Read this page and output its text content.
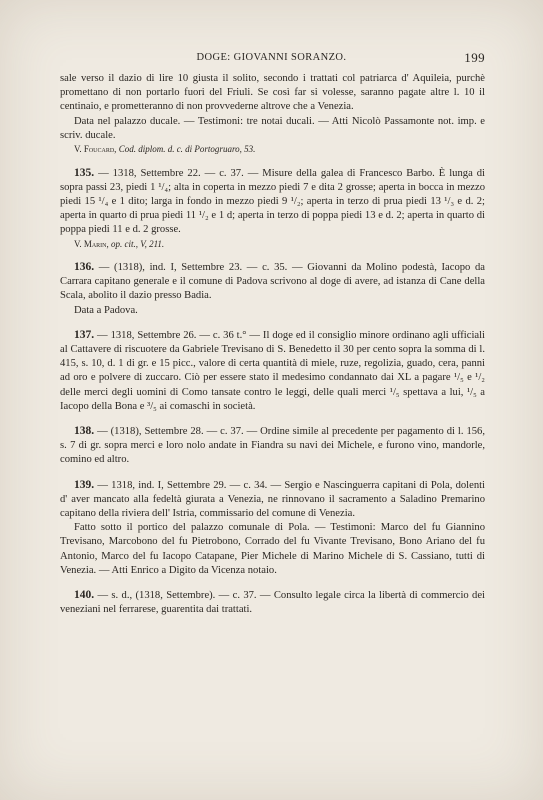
DOGE: GIOVANNI SORANZO.	199

sale verso il dazio di lire 10 giusta il solito, secondo i trattati col patriarca d' Aquileia, purchè promettano di non portarlo fuori del Friuli. Se così far si volesse, saranno pagate altre l. 10 il centinaio, e prometteranno di non provvederne altrove che a Venezia.

Data nel palazzo ducale. — Testimoni: tre notai ducali. — Atti Nicolò Passamonte not. imp. e scriv. ducale.

V. Foucard, Cod. diplom. d. c. di Portogruaro, 53.

135. — 1318, Settembre 22. — c. 37. — Misure della galea di Francesco Barbo. È lunga di sopra passi 23, piedi 1 ¹/₄; alta in coperta in mezzo piedi 7 e dita 2 grosse; aperta in bocca in mezzo piedi 15 ¹/₄ e 1 dito; larga in fondo in mezzo piedi 9 ¹/₂; aperta in terzo di prua piedi 13 ¹/₃ e d. 2; aperta in quarto di prua piedi 11 ¹/₂ e 1 d; aperta in terzo di poppa piedi 13 e d. 2; aperta in quarto di poppa piedi 11 e d. 2 grosse.

V. Marin, op. cit., V, 211.

136. — (1318), ind. I, Settembre 23. — c. 35. — Giovanni da Molino podestà, Iacopo da Carrara capitano generale e il comune di Padova scrivono al doge di avere, ad istanza di Cane della Scala, abolito il dazio presso Badia.

Data a Padova.

137. — 1318, Settembre 26. — c. 36 t.° — Il doge ed il consiglio minore ordinano agli ufficiali al Cattavere di riscuotere da Gabriele Trevisano di S. Benedetto il 30 per cento sopra la somma di l. 415, s. 10, d. 1 di gr. e 15 picc., valore di certa quantità di miele, ruze, regolizia, guado, cera, panni ad oro e polvere di zuccaro. Ciò per essere stato il medesimo condannato dai XL a pagare ¹/₅ e ¹/₂ delle merci degli uomini di Como tansate contro le leggi, delle quali merci ¹/₅ spettava a lui, ¹/₅ a Iacopo della Bona e ³/₅ ai comaschi in società.

138. — (1318), Settembre 28. — c. 37. — Ordine simile al precedente per pagamento di l. 156, s. 7 di gr. sopra merci e loro nolo andate in Fiandra su navi dei Michele, e furono vino, mandorle, comino ed altro.

139. — 1318, ind. I, Settembre 29. — c. 34. — Sergio e Nascinguerra capitani di Pola, dolenti d' aver mancato alla fedeltà giurata a Venezia, ne rinnovano il sacramento a Saladino Premarino capitano della riviera dell' Istria, commissario del comune di Venezia.

Fatto sotto il portico del palazzo comunale di Pola. — Testimoni: Marco del fu Giannino Trevisano, Marcobono del fu Pietrobono, Corrado del fu Vivante Trevisano, Bono Ariano del fu Antonio, Marco del fu Iacopo Catapane, Pier Michele di Marino Michele di S. Cassiano, tutti di Venezia. — Atti Enrico a Digito da Vicenza notaio.

140. — s. d., (1318, Settembre). — c. 37. — Consulto legale circa la libertà di commercio dei veneziani nel ferrarese, guarentita dai trattati.
